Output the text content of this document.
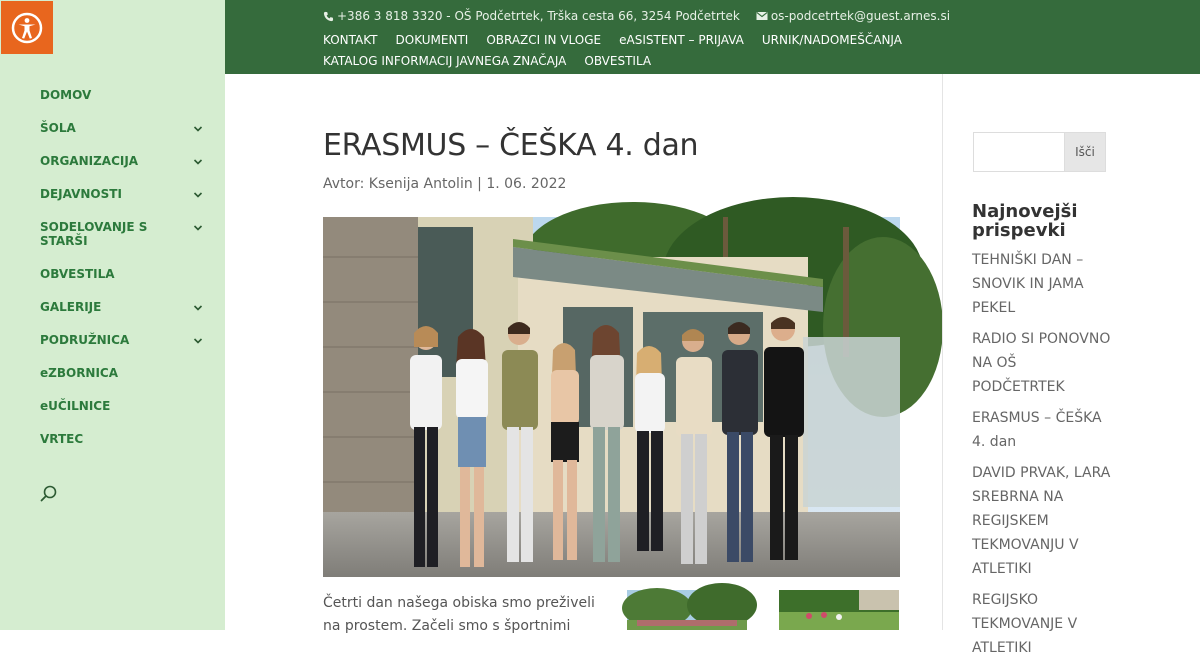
DOMOV
ŠOLA
ORGANIZACIJA
DEJAVNOSTI
SODELOVANJE S STARŠI
OBVESTILA
GALERIJE
PODRUŽNICA
eZBORNICA
eUČILNICE
VRTEC
+386 3 818 3320 - OŠ Podčetrtek, Trška cesta 66, 3254 Podčetrtek	os-podcetrtek@guest.arnes.si
KONTAKT DOKUMENTI OBRAZCI IN VLOGE eASISTENT – PRIJAVA URNIK/NADOMEŠČANJAKATALOG INFORMACIJ JAVNEGA ZNAČAJA OBVESTILA
ERASMUS – ČEŠKA 4. dan
Avtor: Ksenija Antolin | 1. 06. 2022

Četrti dan našega obiska smo preživeli na prostem. Začeli smo s športnimi

Išči
Najnovejši prispevki
TEHNIŠKI DAN – SNOVIK IN JAMA PEKEL
RADIO SI PONOVNO NA OŠ PODČETRTEK
ERASMUS – ČEŠKA 4. dan
DAVID PRVAK, LARA SREBRNA NA REGIJSKEM TEKMOVANJU V ATLETIKI
REGIJSKO TEKMOVANJE V ATLETIKI
